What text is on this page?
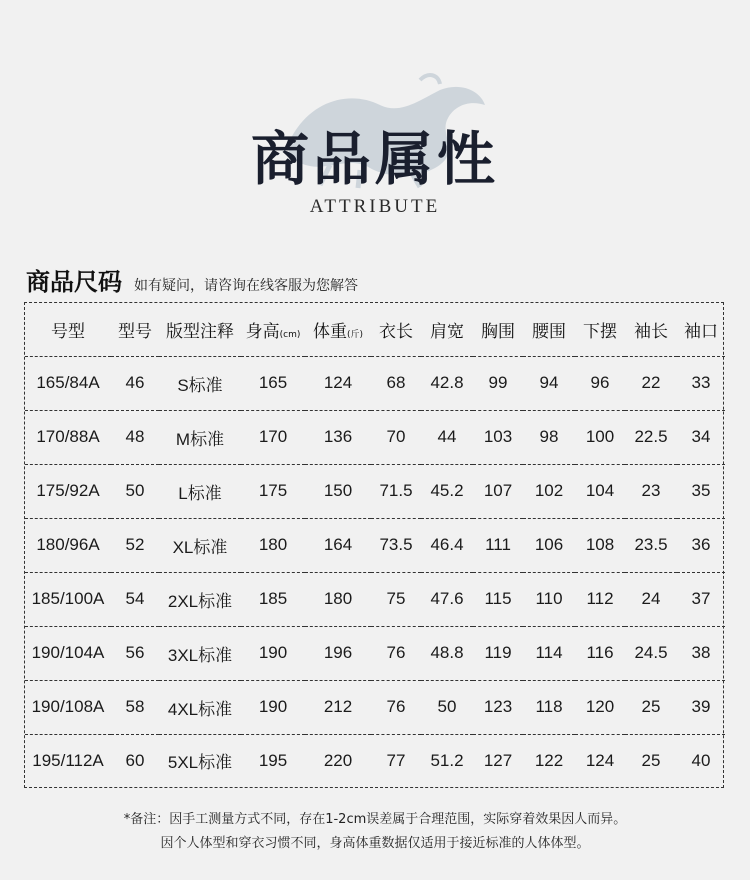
商品属性
ATTRIBUTE
商品尺码 如有疑问，请咨询在线客服为您解答
号型	型号	版型注释	身高(cm)	体重(斤)	衣长	肩宽	胸围	腰围	下摆	袖长	袖口
165/84A	46	S标准	165	124	68	42.8	99	94	96	22	33
170/88A	48	M标准	170	136	70	44	103	98	100	22.5	34
175/92A	50	L标准	175	150	71.5	45.2	107	102	104	23	35
180/96A	52	XL标准	180	164	73.5	46.4	111	106	108	23.5	36
185/100A	54	2XL标准	185	180	75	47.6	115	110	112	24	37
190/104A	56	3XL标准	190	196	76	48.8	119	114	116	24.5	38
190/108A	58	4XL标准	190	212	76	50	123	118	120	25	39
195/112A	60	5XL标准	195	220	77	51.2	127	122	124	25	40
*备注：因手工测量方式不同，存在1-2cm误差属于合理范围，实际穿着效果因人而异。
因个人体型和穿衣习惯不同，身高体重数据仅适用于接近标准的人体体型。
